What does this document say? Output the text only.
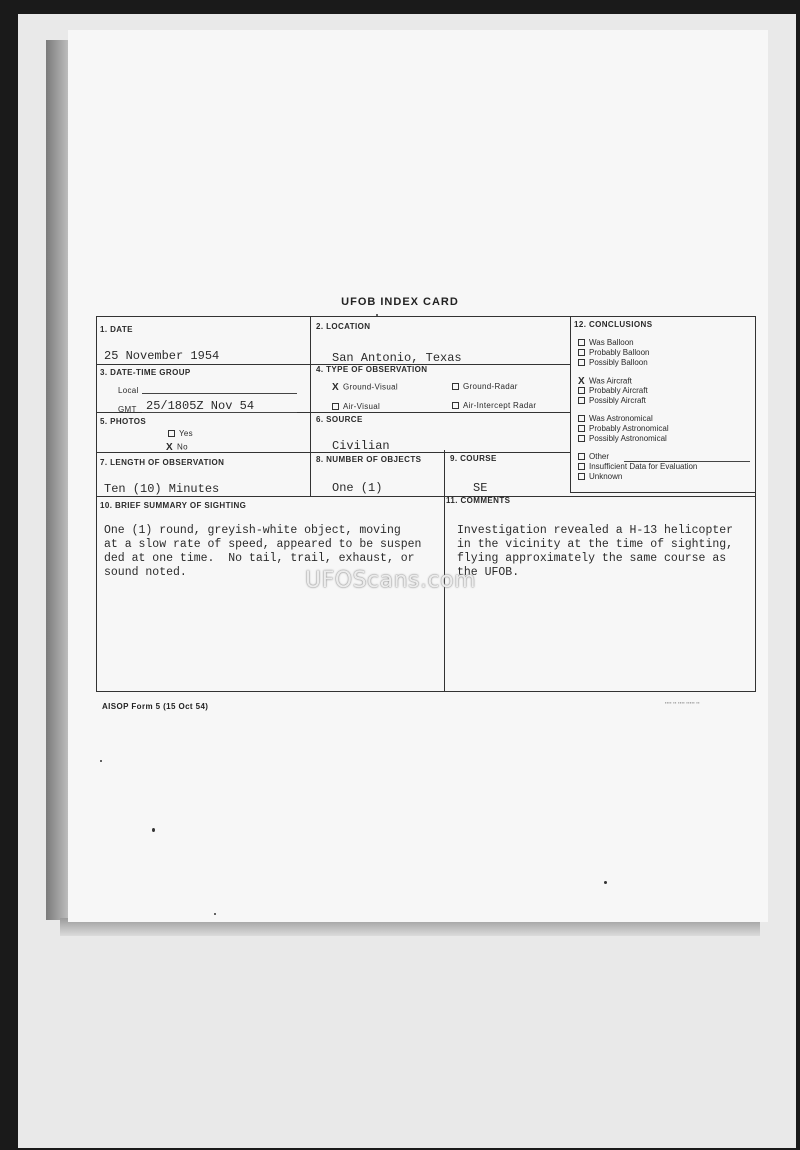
UFOB INDEX CARD
1. DATE
25 November 1954
2. LOCATION
San Antonio, Texas
3. DATE-TIME GROUP
Local
GMT 25/1805Z Nov 54
4. TYPE OF OBSERVATION
X Ground-Visual	Ground-Radar
Air-Visual	Air-Intercept Radar
5. PHOTOS
Yes
X No
6. SOURCE
Civilian
7. LENGTH OF OBSERVATION
Ten (10) Minutes
8. NUMBER OF OBJECTS
One (1)
9. COURSE
SE
10. BRIEF SUMMARY OF SIGHTING
One (1) round, greyish-white object, moving
at a slow rate of speed, appeared to be suspen
ded at one time.  No tail, trail, exhaust, or
sound noted.
11. COMMENTS
Investigation revealed a H-13 helicopter
in the vicinity at the time of sighting,
flying approximately the same course as
the UFOB.
12. CONCLUSIONS
Was Balloon
Probably Balloon
Possibly Balloon
X Was Aircraft
Probably Aircraft
Possibly Aircraft
Was Astronomical
Probably Astronomical
Possibly Astronomical
Other
Insufficient Data for Evaluation
Unknown
UFOScans.com
AISOP Form 5 (15 Oct 54)	▪▪▪▪ ▪▪ ▪▪▪▪ ▪▪▪▪▪ ▪▪
